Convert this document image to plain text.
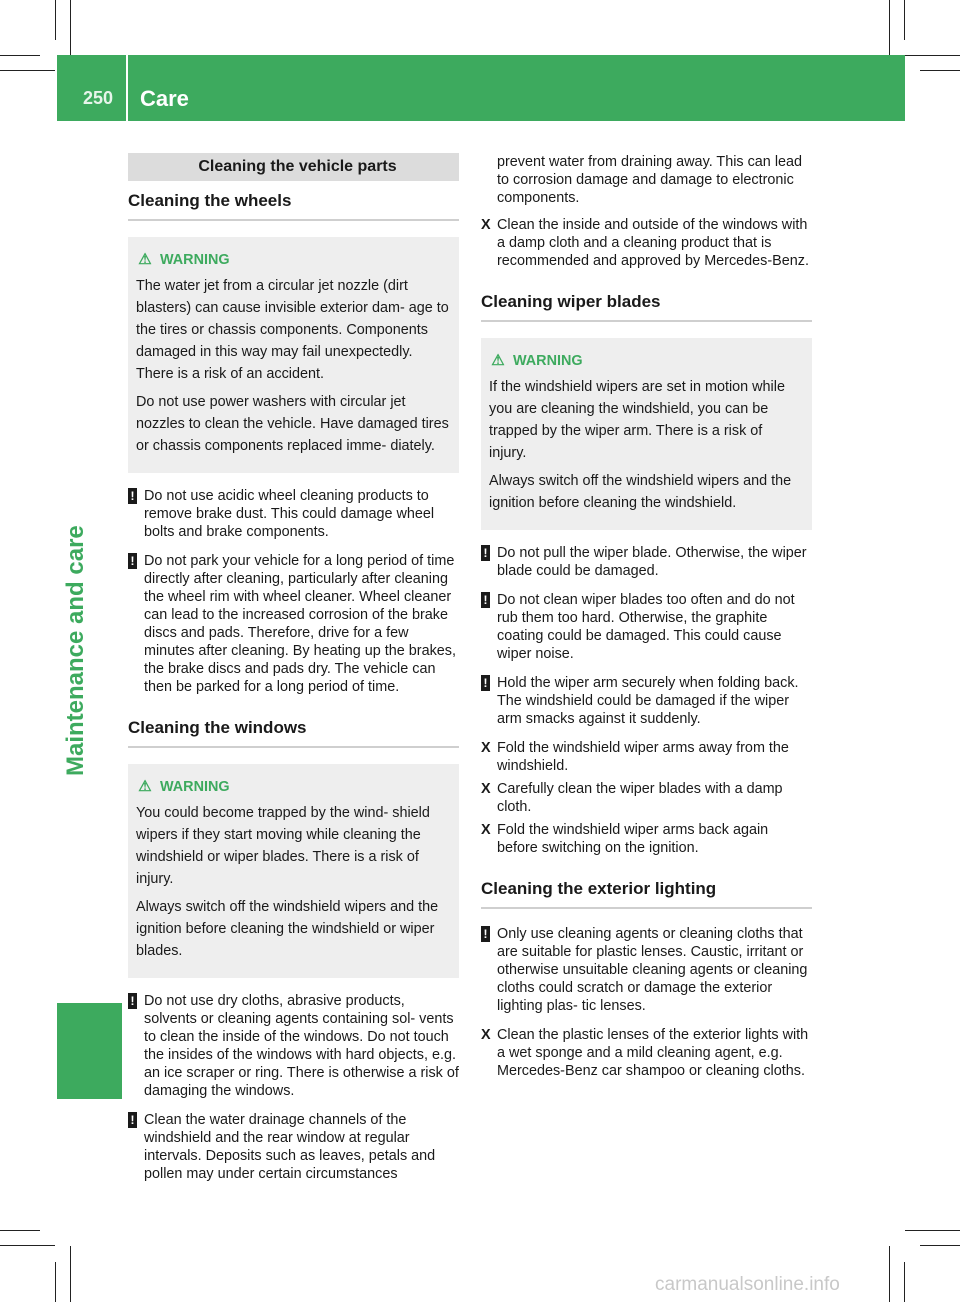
250 Care
Maintenance and care
Cleaning the vehicle parts
Cleaning the wheels
⚠ WARNING

The water jet from a circular jet nozzle (dirt blasters) can cause invisible exterior dam- age to the tires or chassis components. Components damaged in this way may fail unexpectedly. There is a risk of an accident.

Do not use power washers with circular jet nozzles to clean the vehicle. Have damaged tires or chassis components replaced imme- diately.

! Do not use acidic wheel cleaning products to remove brake dust. This could damage wheel bolts and brake components.
! Do not park your vehicle for a long period of time directly after cleaning, particularly after cleaning the wheel rim with wheel cleaner. Wheel cleaner can lead to the increased corrosion of the brake discs and pads. Therefore, drive for a few minutes after cleaning. By heating up the brakes, the brake discs and pads dry. The vehicle can then be parked for a long period of time.
Cleaning the windows
⚠ WARNING

You could become trapped by the wind- shield wipers if they start moving while cleaning the windshield or wiper blades. There is a risk of injury.

Always switch off the windshield wipers and the ignition before cleaning the windshield or wiper blades.

! Do not use dry cloths, abrasive products, solvents or cleaning agents containing sol- vents to clean the inside of the windows. Do not touch the insides of the windows with hard objects, e.g. an ice scraper or ring. There is otherwise a risk of damaging the windows.
! Clean the water drainage channels of the windshield and the rear window at regular intervals. Deposits such as leaves, petals and pollen may under certain circumstances
prevent water from draining away. This can lead to corrosion damage and damage to electronic components.
X Clean the inside and outside of the windows with a damp cloth and a cleaning product that is recommended and approved by Mercedes-Benz.
Cleaning wiper blades
⚠ WARNING

If the windshield wipers are set in motion while you are cleaning the windshield, you can be trapped by the wiper arm. There is a risk of injury.

Always switch off the windshield wipers and the ignition before cleaning the windshield.

! Do not pull the wiper blade. Otherwise, the wiper blade could be damaged.
! Do not clean wiper blades too often and do not rub them too hard. Otherwise, the graphite coating could be damaged. This could cause wiper noise.
! Hold the wiper arm securely when folding back. The windshield could be damaged if the wiper arm smacks against it suddenly.
X Fold the windshield wiper arms away from the windshield.
X Carefully clean the wiper blades with a damp cloth.
X Fold the windshield wiper arms back again before switching on the ignition.
Cleaning the exterior lighting
! Only use cleaning agents or cleaning cloths that are suitable for plastic lenses. Caustic, irritant or otherwise unsuitable cleaning agents or cleaning cloths could scratch or damage the exterior lighting plas- tic lenses.
X Clean the plastic lenses of the exterior lights with a wet sponge and a mild cleaning agent, e.g. Mercedes-Benz car shampoo or cleaning cloths.
carmanualsonline.info
